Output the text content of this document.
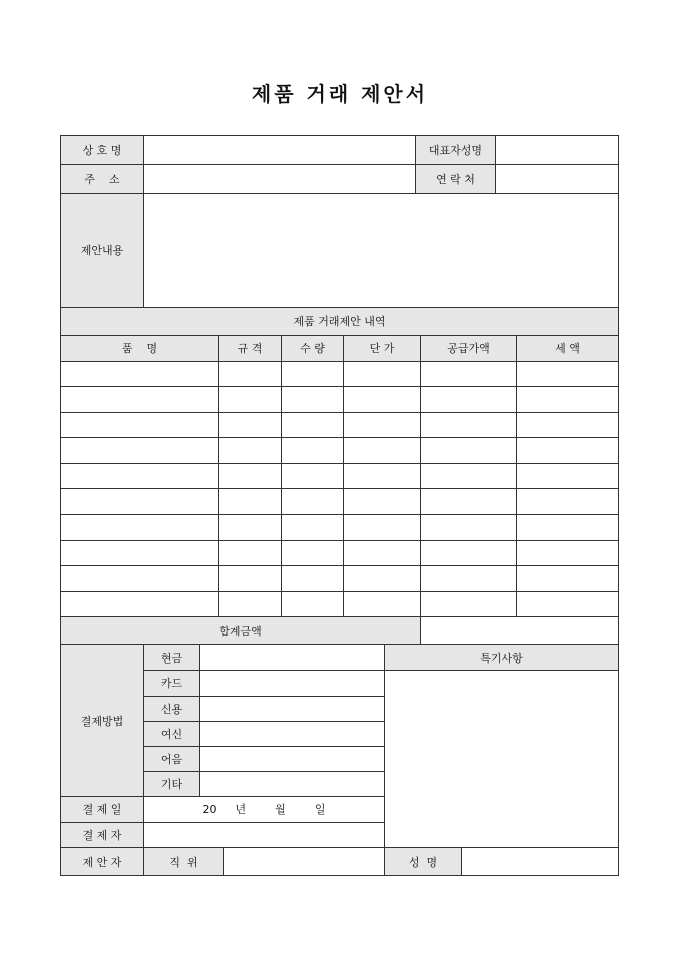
제품 거래 제안서
상 호 명		대표자성명	
주    소		연 락 처	
제안내용	
제품 거래제안 내역					
품    명	규 격	수 량	단 가	공급가액	세 액

합계금액					
결제방법	현금		특기사항
	카드		
	신용		
	여신		
	어음		
	기타		
결 제 일	20 년 월 일		
결 제 자			
제 안 자	직  위		성  명	
